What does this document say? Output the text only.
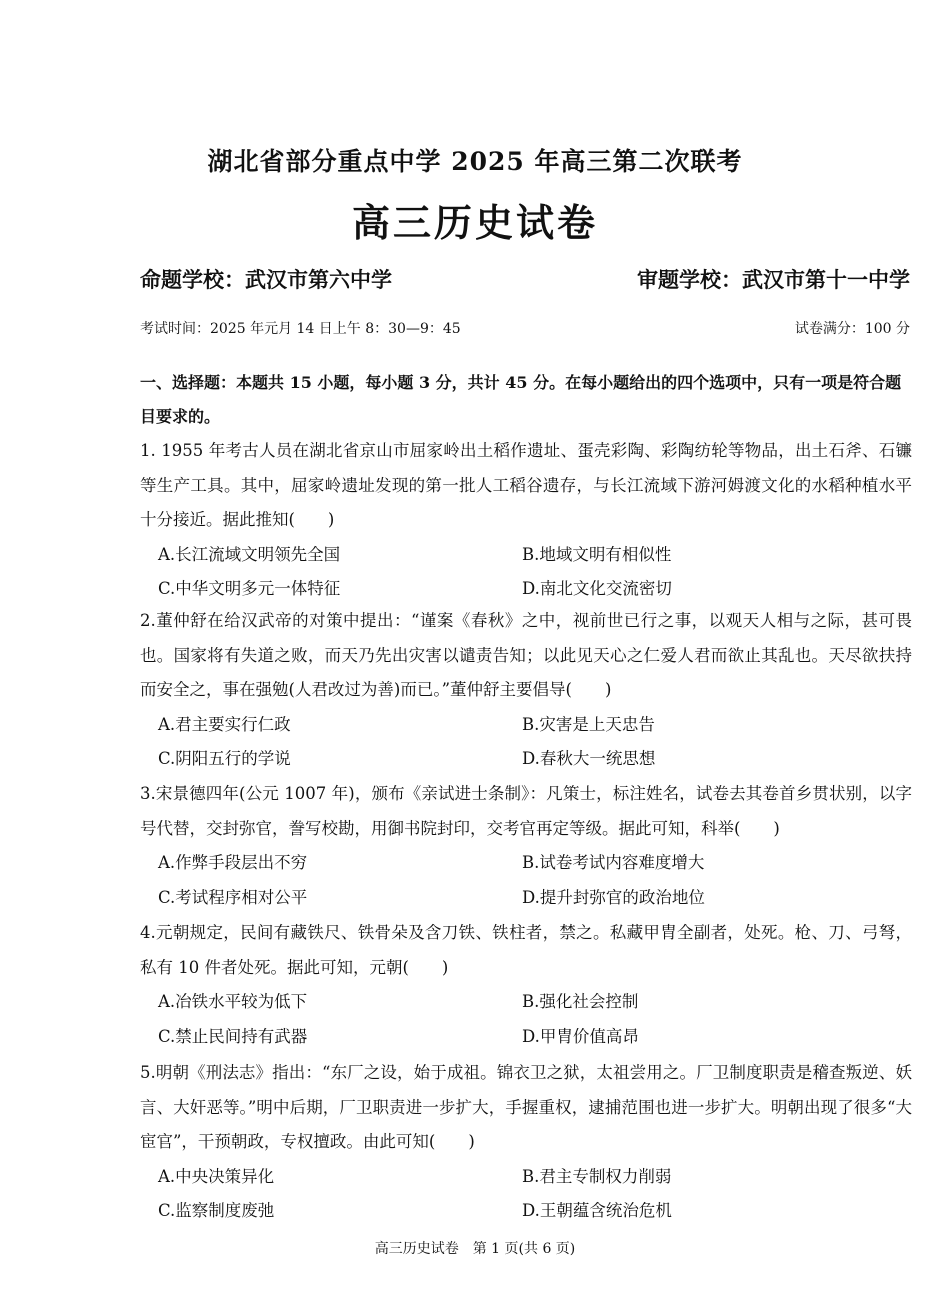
湖北省部分重点中学 2025 年高三第二次联考
高三历史试卷
命题学校：武汉市第六中学	审题学校：武汉市第十一中学
考试时间：2025 年元月 14 日上午 8：30—9：45	试卷满分：100 分
一、选择题：本题共 15 小题，每小题 3 分，共计 45 分。在每小题给出的四个选项中，只有一项是符合题目要求的。
1. 1955 年考古人员在湖北省京山市屈家岭出土稻作遗址、蛋壳彩陶、彩陶纺轮等物品，出土石斧、石镰等生产工具。其中，屈家岭遗址发现的第一批人工稻谷遗存，与长江流域下游河姆渡文化的水稻种植水平十分接近。据此推知(　　)
A.长江流域文明领先全国	B.地域文明有相似性
C.中华文明多元一体特征	D.南北文化交流密切
2.董仲舒在给汉武帝的对策中提出：“谨案《春秋》之中，视前世已行之事，以观天人相与之际，甚可畏也。国家将有失道之败，而天乃先出灾害以谴责告知；以此见天心之仁爱人君而欲止其乱也。天尽欲扶持而安全之，事在强勉(人君改过为善)而已。”董仲舒主要倡导(　　)
A.君主要实行仁政	B.灾害是上天忠告
C.阴阳五行的学说	D.春秋大一统思想
3.宋景德四年(公元 1007 年)，颁布《亲试进士条制》：凡策士，标注姓名，试卷去其卷首乡贯状别，以字号代替，交封弥官，誊写校勘，用御书院封印，交考官再定等级。据此可知，科举(　　)
A.作弊手段层出不穷	B.试卷考试内容难度增大
C.考试程序相对公平	D.提升封弥官的政治地位
4.元朝规定，民间有藏铁尺、铁骨朵及含刀铁、铁柱者，禁之。私藏甲胄全副者，处死。枪、刀、弓弩，私有 10 件者处死。据此可知，元朝(　　)
A.冶铁水平较为低下	B.强化社会控制
C.禁止民间持有武器	D.甲胄价值高昂
5.明朝《刑法志》指出：“东厂之设，始于成祖。锦衣卫之狱，太祖尝用之。厂卫制度职责是稽查叛逆、妖言、大奸恶等。”明中后期，厂卫职责进一步扩大，手握重权，逮捕范围也进一步扩大。明朝出现了很多“大宦官”，干预朝政，专权擅政。由此可知(　　)
A.中央决策异化	B.君主专制权力削弱
C.监察制度废弛	D.王朝蕴含统治危机
高三历史试卷　第 1 页(共 6 页)
